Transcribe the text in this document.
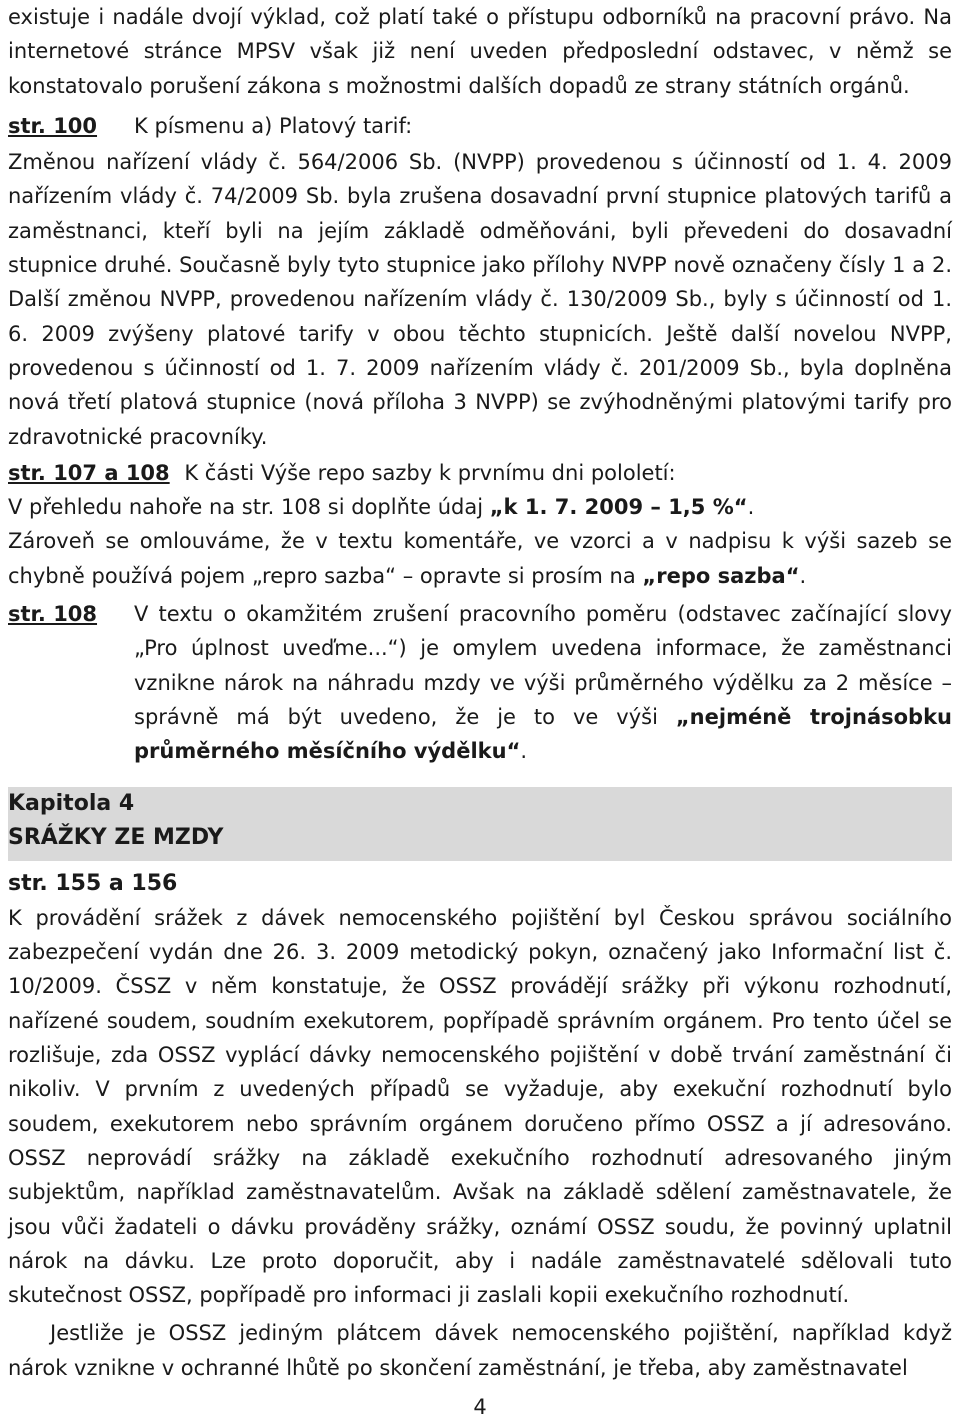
existuje i nadále dvojí výklad, což platí také o přístupu odborníků na pracovní právo. Na internetové stránce MPSV však již není uveden předposlední odstavec, v němž se konstatovalo porušení zákona s možnostmi dalších dopadů ze strany státních orgánů.

str. 100	K písmenu a) Platový tarif:

Změnou nařízení vlády č. 564/2006 Sb. (NVPP) provedenou s účinností od 1. 4. 2009 nařízením vlády č. 74/2009 Sb. byla zrušena dosavadní první stupnice platových tarifů a zaměstnanci, kteří byli na jejím základě odměňováni, byli převedeni do dosavadní stupnice druhé. Současně byly tyto stupnice jako přílohy NVPP nově označeny čísly 1 a 2. Další změnou NVPP, provedenou nařízením vlády č. 130/2009 Sb., byly s účinností od 1. 6. 2009 zvýšeny platové tarify v obou těchto stupnicích. Ještě další novelou NVPP, provedenou s účinností od 1. 7. 2009 nařízením vlády č. 201/2009 Sb., byla doplněna nová třetí platová stupnice (nová příloha 3 NVPP) se zvýhodněnými platovými tarify pro zdravotnické pracovníky.

str. 107 a 108 K části Výše repo sazby k prvnímu dni pololetí:

V přehledu nahoře na str. 108 si doplňte údaj „k 1. 7. 2009 – 1,5 %“.

Zároveň se omlouváme, že v textu komentáře, ve vzorci a v nadpisu k výši sazeb se chybně používá pojem „repro sazba“ – opravte si prosím na „repo sazba“.

str. 108	V textu o okamžitém zrušení pracovního poměru (odstavec začínající slovy „Pro úplnost uveďme...“) je omylem uvedena informace, že zaměstnanci vznikne nárok na náhradu mzdy ve výši průměrného výdělku za 2 měsíce – správně má být uvedeno, že je to ve výši „nejméně trojnásobku průměrného měsíčního výdělku“.

Kapitola 4
SRÁŽKY ZE MZDY
str. 155 a 156

K provádění srážek z dávek nemocenského pojištění byl Českou správou sociálního zabezpečení vydán dne 26. 3. 2009 metodický pokyn, označený jako Informační list č. 10/2009. ČSSZ v něm konstatuje, že OSSZ provádějí srážky při výkonu rozhodnutí, nařízené soudem, soudním exekutorem, popřípadě správním orgánem. Pro tento účel se rozlišuje, zda OSSZ vyplácí dávky nemocenského pojištění v době trvání zaměstnání či nikoliv. V prvním z uvedených případů se vyžaduje, aby exekuční rozhodnutí bylo soudem, exekutorem nebo správním orgánem doručeno přímo OSSZ a jí adresováno. OSSZ neprovádí srážky na základě exekučního rozhodnutí adresovaného jiným subjektům, například zaměstnavatelům. Avšak na základě sdělení zaměstnavatele, že jsou vůči žadateli o dávku prováděny srážky, oznámí OSSZ soudu, že povinný uplatnil nárok na dávku. Lze proto doporučit, aby i nadále zaměstnavatelé sdělovali tuto skutečnost OSSZ, popřípadě pro informaci ji zaslali kopii exekučního rozhodnutí.

Jestliže je OSSZ jediným plátcem dávek nemocenského pojištění, například když nárok vznikne v ochranné lhůtě po skončení zaměstnání, je třeba, aby zaměstnavatel

4
